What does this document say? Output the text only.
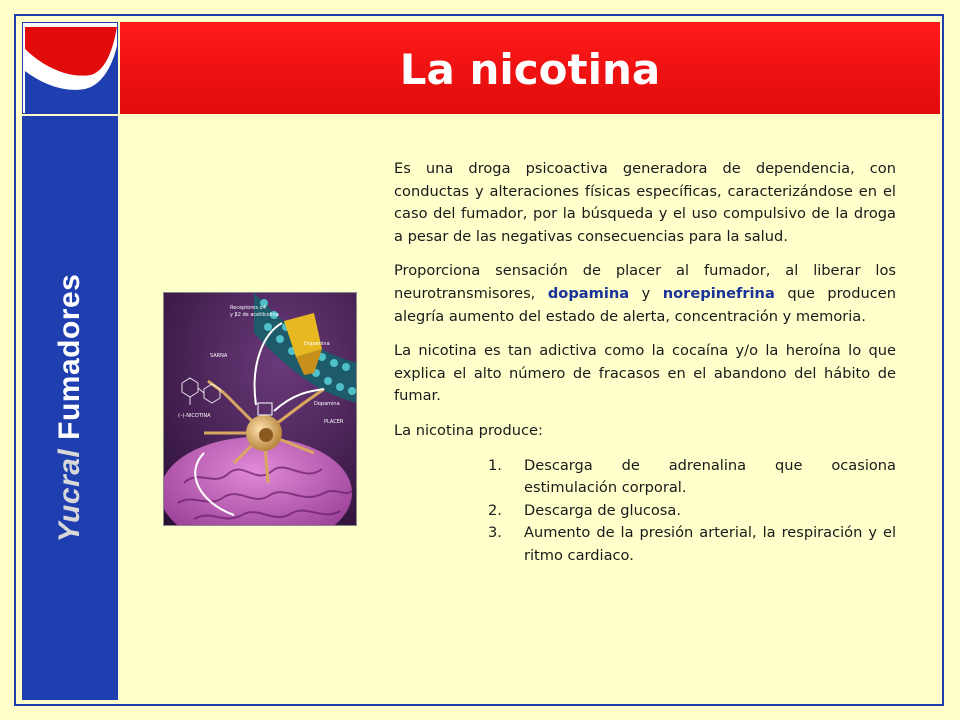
Yucral Fumadores
La nicotina
Receptores α4
y β2 de acetilcolina
SARNA
Dopamina
Dopamina
PLACER
(–)-NICOTINA

Es una droga psicoactiva generadora de dependencia, con conductas y alteraciones físicas específicas, caracterizándose en el caso del fumador, por la búsqueda y el uso compulsivo de la droga a pesar de las negativas consecuencias para la salud.

Proporciona sensación de placer al fumador, al liberar los neurotransmisores, dopamina y norepinefrina que producen alegría aumento del estado de alerta, concentración y memoria.

La nicotina es tan adictiva como la cocaína y/o la heroína lo que explica el alto número de fracasos en el abandono del hábito de fumar.

La nicotina produce:

1. Descarga de adrenalina que ocasiona estimulación corporal.
2. Descarga de glucosa.
3. Aumento de la presión arterial, la respiración y el ritmo cardiaco.
